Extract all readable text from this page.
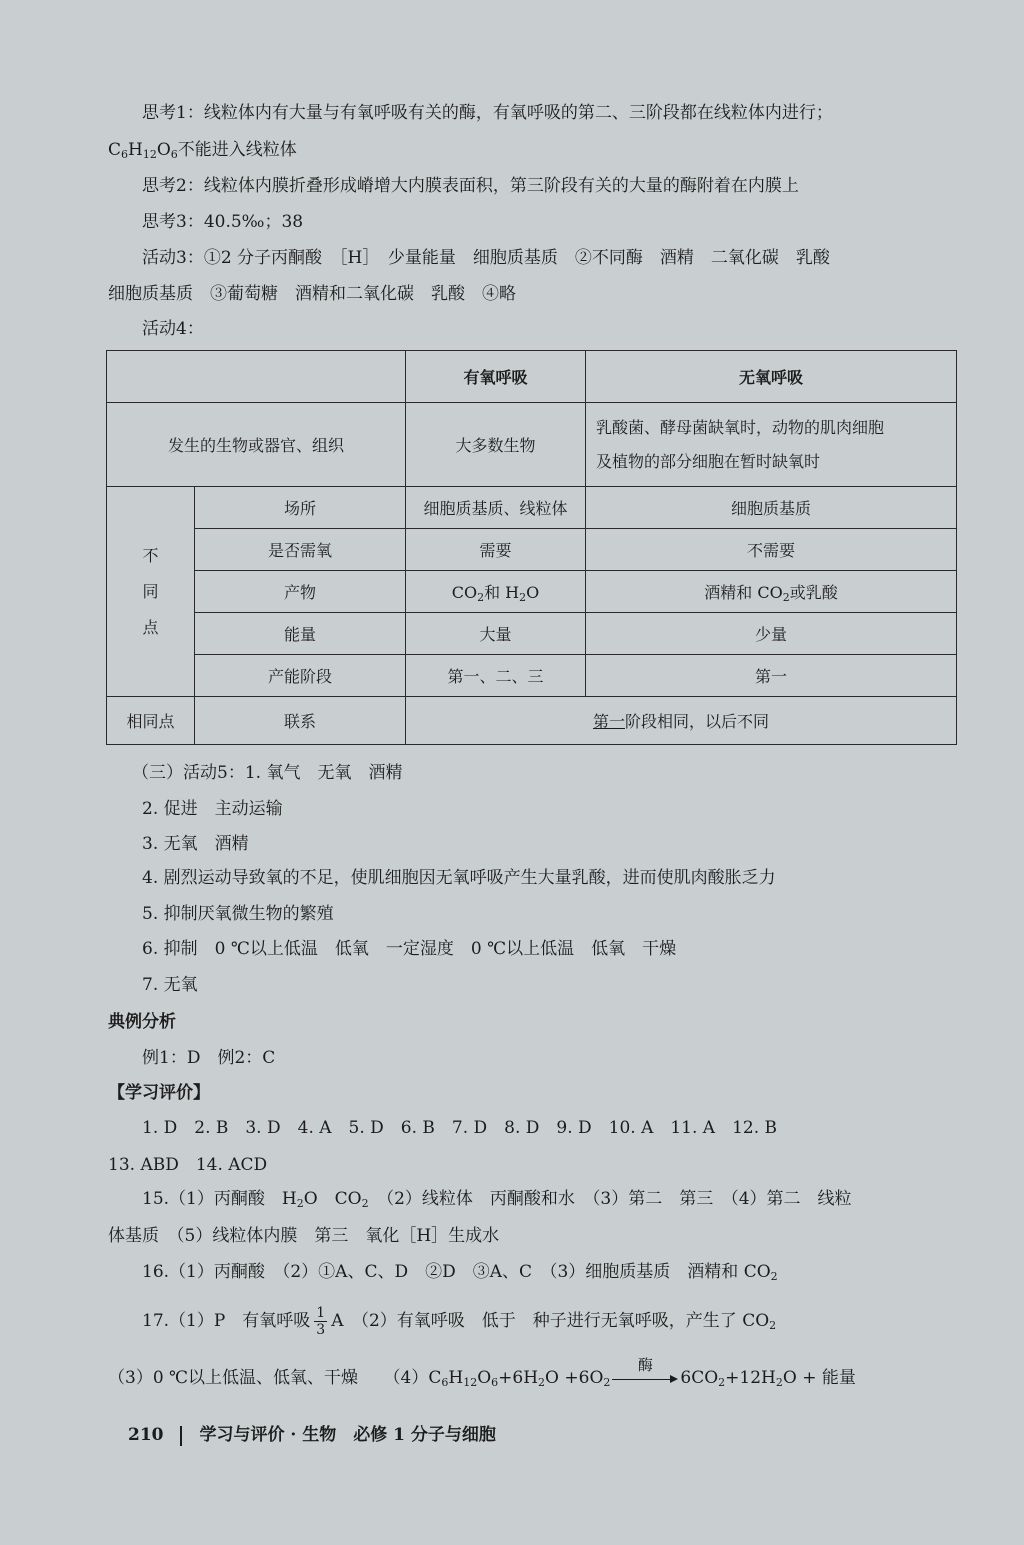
思考1：线粒体内有大量与有氧呼吸有关的酶，有氧呼吸的第二、三阶段都在线粒体内进行；
$C_6H_{12}O_6$不能进入线粒体
思考2：线粒体内膜折叠形成嵴增大内膜表面积，第三阶段有关的大量的酶附着在内膜上
思考3：40.5‰；38
活动3：①2 分子丙酮酸　［H］　少量能量　细胞质基质　②不同酶　酒精　二氧化碳　乳酸
细胞质基质　③葡萄糖　酒精和二氧化碳　乳酸　④略
活动4：
		有氧呼吸	无氧呼吸
发生的生物或器官、组织		大多数生物	乳酸菌、酵母菌缺氧时，动物的肌肉细胞
及植物的部分细胞在暂时缺氧时
不
同
点	场所	细胞质基质、线粒体	细胞质基质
	是否需氧	需要	不需要
	产物	$CO_2$和 $H_2O$	酒精和 $CO_2$或乳酸
	能量	大量	少量
	产能阶段	第一、二、三	第一
相同点	联系	第一阶段相同，以后不同	
（三）活动5：1. 氧气　无氧　酒精
2. 促进　主动运输
3. 无氧　酒精
4. 剧烈运动导致氧的不足，使肌细胞因无氧呼吸产生大量乳酸，进而使肌肉酸胀乏力
5. 抑制厌氧微生物的繁殖
6. 抑制　0 ℃以上低温　低氧　一定湿度　0 ℃以上低温　低氧　干燥
7. 无氧
典例分析
例1：D　例2：C
【学习评价】
1. D　2. B　3. D　4. A　5. D　6. B　7. D　8. D　9. D　10. A　11. A　12. B
13. ABD　14. ACD
15.（1）丙酮酸　$H_2O$　$CO_2$　（2）线粒体　丙酮酸和水　（3）第二　第三　（4）第二　线粒
体基质　（5）线粒体内膜　第三　氧化［H］生成水
16.（1）丙酮酸　（2）①A、C、D　②D　③A、C　（3）细胞质基质　酒精和 $CO_2$
17.（1）P　有氧呼吸 $\frac{1}{3}$ A　（2）有氧呼吸　低于　种子进行无氧呼吸，产生了 $CO_2$
（3）0 ℃以上低温、低氧、干燥　　$(4)C_6H_{12}O_6+6H_2O +6O_2$
酶
$6CO_2+12H_2O$ + 能量
210 学习与评价 · 生物　必修 1 分子与细胞
